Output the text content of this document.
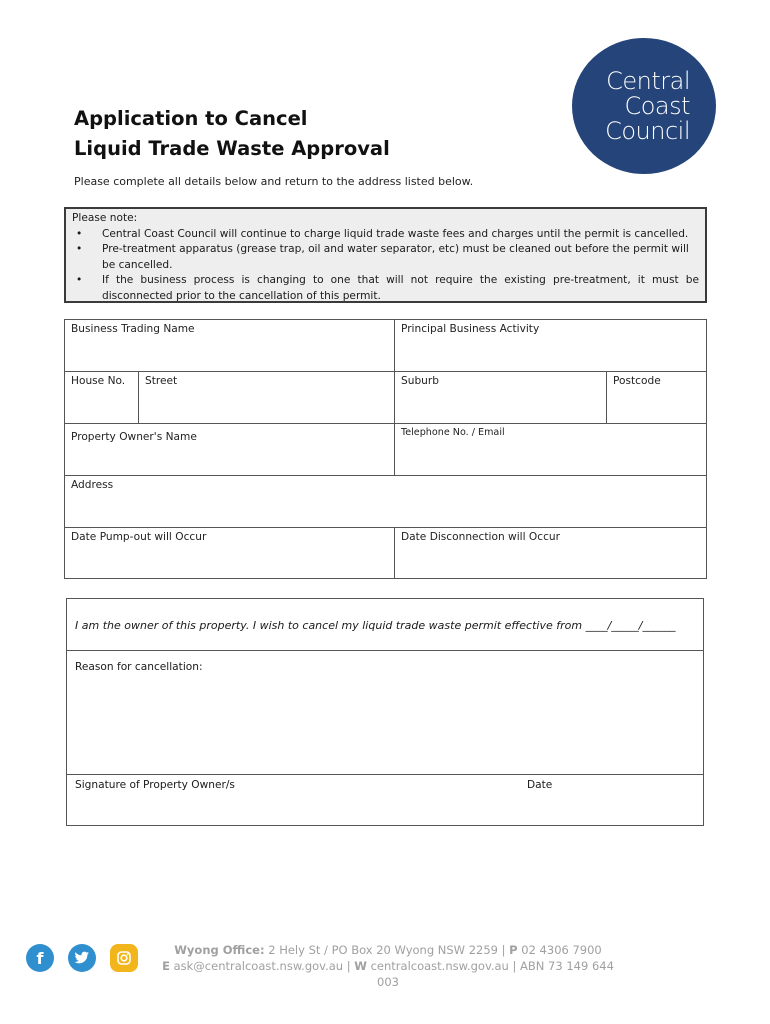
Central
Coast
Council
Application to Cancel
Liquid Trade Waste Approval
Please complete all details below and return to the address listed below.
Please note:
• Central Coast Council will continue to charge liquid trade waste fees and charges until the permit is cancelled.
• Pre-treatment apparatus (grease trap, oil and water separator, etc) must be cleaned out before the permit will be cancelled.
• If the business process is changing to one that will not require the existing pre-treatment, it must be disconnected prior to the cancellation of this permit.
Business Trading Name	Principal Business Activity
House No.	Street	Suburb	Postcode
Property Owner's Name	Telephone No. / Email
Address
Date Pump-out will Occur	Date Disconnection will Occur
I am the owner of this property. I wish to cancel my liquid trade waste permit effective from ____/_____/______
Reason for cancellation:
Signature of Property Owner/s	Date
f	Wyong Office: 2 Hely St / PO Box 20 Wyong NSW 2259 | P 02 4306 7900
E ask@centralcoast.nsw.gov.au | W centralcoast.nsw.gov.au | ABN 73 149 644 003
